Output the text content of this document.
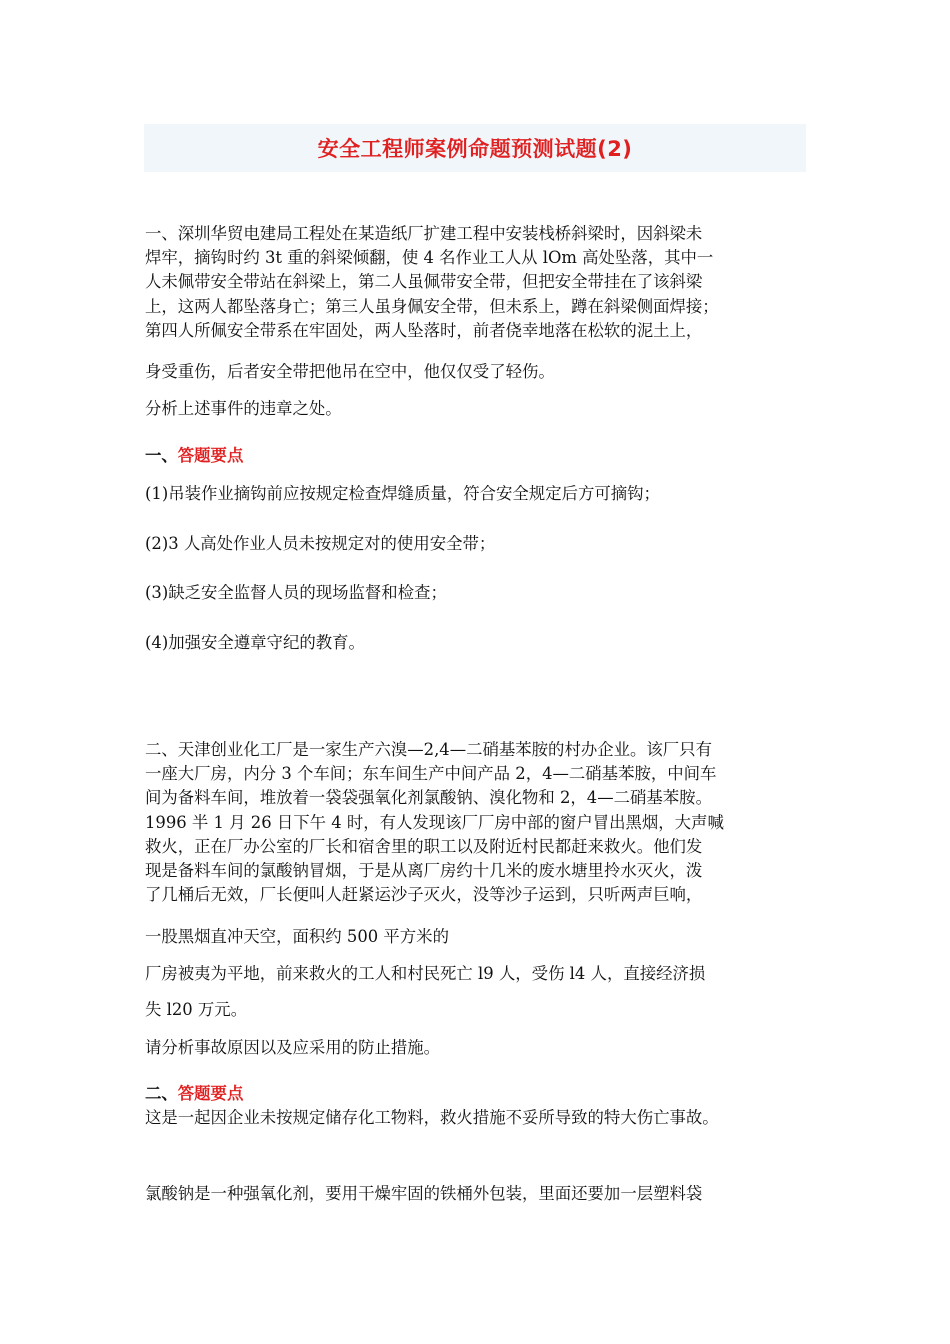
安全工程师案例命题预测试题(2)
一、深圳华贸电建局工程处在某造纸厂扩建工程中安装栈桥斜梁时，因斜梁未
焊牢，摘钩时约 3t 重的斜梁倾翻，使 4 名作业工人从 lOm 高处坠落，其中一
人未佩带安全带站在斜梁上，第二人虽佩带安全带，但把安全带挂在了该斜梁
上，这两人都坠落身亡；第三人虽身佩安全带，但未系上，蹲在斜梁侧面焊接；
第四人所佩安全带系在牢固处，两人坠落时，前者侥幸地落在松软的泥土上，
身受重伤，后者安全带把他吊在空中，他仅仅受了轻伤。
分析上述事件的违章之处。
一、答题要点
(1)吊装作业摘钩前应按规定检查焊缝质量，符合安全规定后方可摘钩；
(2)3 人高处作业人员未按规定对的使用安全带；
(3)缺乏安全监督人员的现场监督和检查；
(4)加强安全遵章守纪的教育。
二、天津创业化工厂是一家生产六溴—2,4—二硝基苯胺的村办企业。该厂只有
一座大厂房，内分 3 个车间；东车间生产中间产品 2，4—二硝基苯胺，中间车
间为备料车间，堆放着一袋袋强氧化剂氯酸钠、溴化物和 2，4—二硝基苯胺。
1996 半 1 月 26 日下午 4 时，有人发现该厂厂房中部的窗户冒出黑烟，大声喊
救火，正在厂办公室的厂长和宿舍里的职工以及附近村民都赶来救火。他们发
现是备料车间的氯酸钠冒烟，于是从离厂房约十几米的废水塘里拎水灭火，泼
了几桶后无效，厂长便叫人赶紧运沙子灭火，没等沙子运到，只听两声巨响，
一股黑烟直冲天空，面积约 500 平方米的
厂房被夷为平地，前来救火的工人和村民死亡 l9 人，受伤 l4 人，直接经济损
失 l20 万元。
请分析事故原因以及应采用的防止措施。
二、答题要点
这是一起因企业未按规定储存化工物料，救火措施不妥所导致的特大伤亡事故。
氯酸钠是一种强氧化剂，要用干燥牢固的铁桶外包装，里面还要加一层塑料袋
